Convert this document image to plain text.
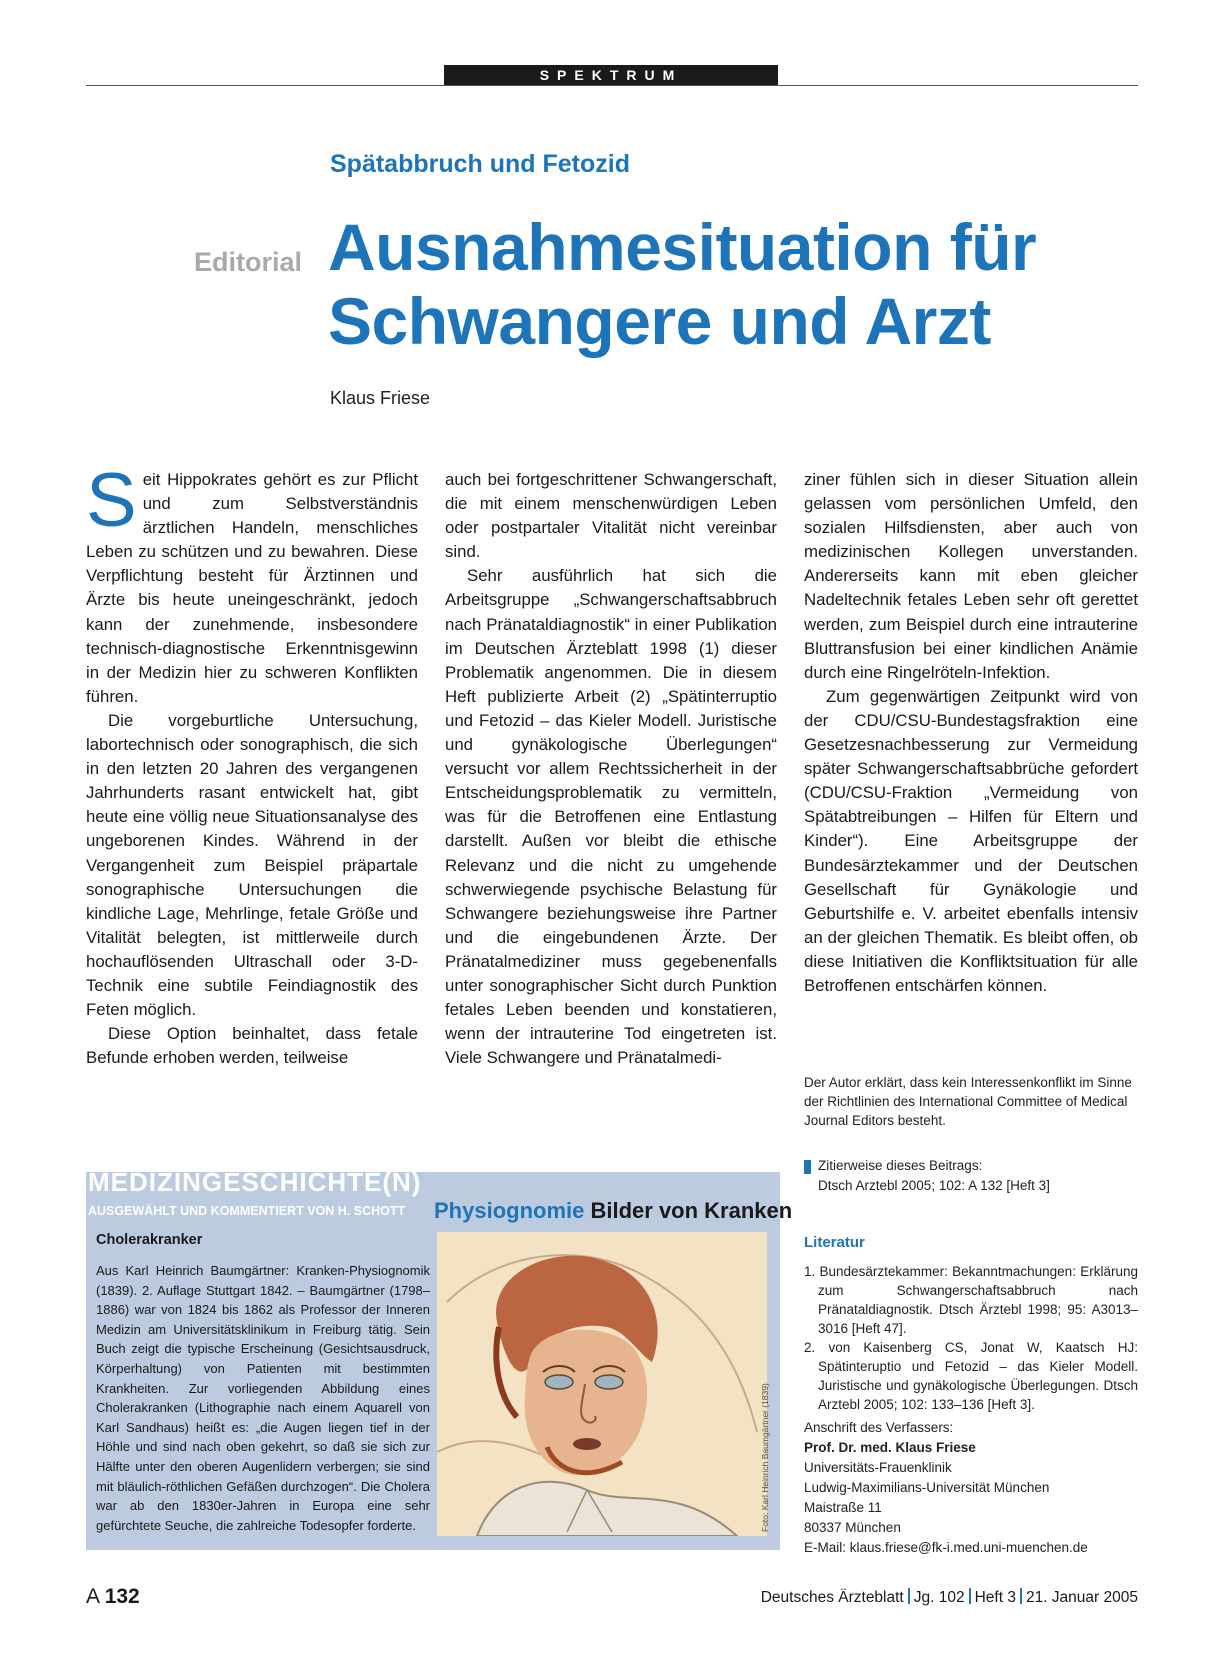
SPEKTRUM
Spätabbruch und Fetozid
Editorial Ausnahmesituation für
Schwangere und Arzt
Klaus Friese

Seit Hippokrates gehört es zur Pflicht und zum Selbstverständnis ärztlichen Handeln, menschliches Leben zu schützen und zu bewahren. Diese Verpflichtung besteht für Ärztinnen und Ärzte bis heute uneingeschränkt, jedoch kann der zunehmende, insbesondere technisch-diagnostische Erkenntnisgewinn in der Medizin hier zu schweren Konflikten führen.

Die vorgeburtliche Untersuchung, labortechnisch oder sonographisch, die sich in den letzten 20 Jahren des vergangenen Jahrhunderts rasant entwickelt hat, gibt heute eine völlig neue Situationsanalyse des ungeborenen Kindes. Während in der Vergangenheit zum Beispiel präpartale sonographische Untersuchungen die kindliche Lage, Mehrlinge, fetale Größe und Vitalität belegten, ist mittlerweile durch hochauflösenden Ultraschall oder 3-D-Technik eine subtile Feindiagnostik des Feten möglich.

Diese Option beinhaltet, dass fetale Befunde erhoben werden, teilweise

auch bei fortgeschrittener Schwangerschaft, die mit einem menschenwürdigen Leben oder postpartaler Vitalität nicht vereinbar sind.

Sehr ausführlich hat sich die Arbeitsgruppe „Schwangerschaftsabbruch nach Pränataldiagnostik“ in einer Publikation im Deutschen Ärzteblatt 1998 (1) dieser Problematik angenommen. Die in diesem Heft publizierte Arbeit (2) „Spätinterruptio und Fetozid – das Kieler Modell. Juristische und gynäkologische Überlegungen“ versucht vor allem Rechtssicherheit in der Entscheidungsproblematik zu vermitteln, was für die Betroffenen eine Entlastung darstellt. Außen vor bleibt die ethische Relevanz und die nicht zu umgehende schwerwiegende psychische Belastung für Schwangere beziehungsweise ihre Partner und die eingebundenen Ärzte. Der Pränatalmediziner muss gegebenenfalls unter sonographischer Sicht durch Punktion fetales Leben beenden und konstatieren, wenn der intrauterine Tod eingetreten ist. Viele Schwangere und Pränatalmedi-

ziner fühlen sich in dieser Situation allein gelassen vom persönlichen Umfeld, den sozialen Hilfsdiensten, aber auch von medizinischen Kollegen unverstanden. Andererseits kann mit eben gleicher Nadeltechnik fetales Leben sehr oft gerettet werden, zum Beispiel durch eine intrauterine Bluttransfusion bei einer kindlichen Anämie durch eine Ringelröteln-Infektion.

Zum gegenwärtigen Zeitpunkt wird von der CDU/CSU-Bundestagsfraktion eine Gesetzesnachbesserung zur Vermeidung später Schwangerschaftsabbrüche gefordert (CDU/CSU-Fraktion „Vermeidung von Spätabtreibungen – Hilfen für Eltern und Kinder“). Eine Arbeitsgruppe der Bundesärztekammer und der Deutschen Gesellschaft für Gynäkologie und Geburtshilfe e. V. arbeitet ebenfalls intensiv an der gleichen Thematik. Es bleibt offen, ob diese Initiativen die Konfliktsituation für alle Betroffenen entschärfen können.

Der Autor erklärt, dass kein Interessenkonflikt im Sinne der Richtlinien des International Committee of Medical Journal Editors besteht.
Zitierweise dieses Beitrags:
Dtsch Arztebl 2005; 102: A 132 [Heft 3]
Literatur
1. Bundesärztekammer: Bekanntmachungen: Erklärung zum Schwangerschaftsabbruch nach Pränataldiagnostik. Dtsch Ärztebl 1998; 95: A3013–3016 [Heft 47].
2. von Kaisenberg CS, Jonat W, Kaatsch HJ: Spätinteruptio und Fetozid – das Kieler Modell. Juristische und gynäkologische Überlegungen. Dtsch Arztebl 2005; 102: 133–136 [Heft 3].
Anschrift des Verfassers:
Prof. Dr. med. Klaus Friese
Universitäts-Frauenklinik
Ludwig-Maximilians-Universität München
Maistraße 11
80337 München
E-Mail: klaus.friese@fk-i.med.uni-muenchen.de
MEDIZINGESCHICHTE(N)
AUSGEWÄHLT UND KOMMENTIERT VON H. SCHOTT Physiognomie Bilder von Kranken
Cholerakranker
Aus Karl Heinrich Baumgärtner: Kranken-Physiognomik (1839). 2. Auflage Stuttgart 1842. – Baumgärtner (1798–1886) war von 1824 bis 1862 als Professor der Inneren Medizin am Universitätsklinikum in Freiburg tätig. Sein Buch zeigt die typische Erscheinung (Gesichtsausdruck, Körperhaltung) von Patienten mit bestimmten Krankheiten. Zur vorliegenden Abbildung eines Cholerakranken (Lithographie nach einem Aquarell von Karl Sandhaus) heißt es: „die Augen liegen tief in der Höhle und sind nach oben gekehrt, so daß sie sich zur Hälfte unter den oberen Augenlidern verbergen; sie sind mit bläulich-röthlichen Gefäßen durchzogen“. Die Cholera war ab den 1830er-Jahren in Europa eine sehr gefürchtete Seuche, die zahlreiche Todesopfer forderte.	Foto: Karl Heinrich Baumgärtner (1839)
A 132	Deutsches Ärzteblatt Jg. 102 Heft 3 21. Januar 2005
